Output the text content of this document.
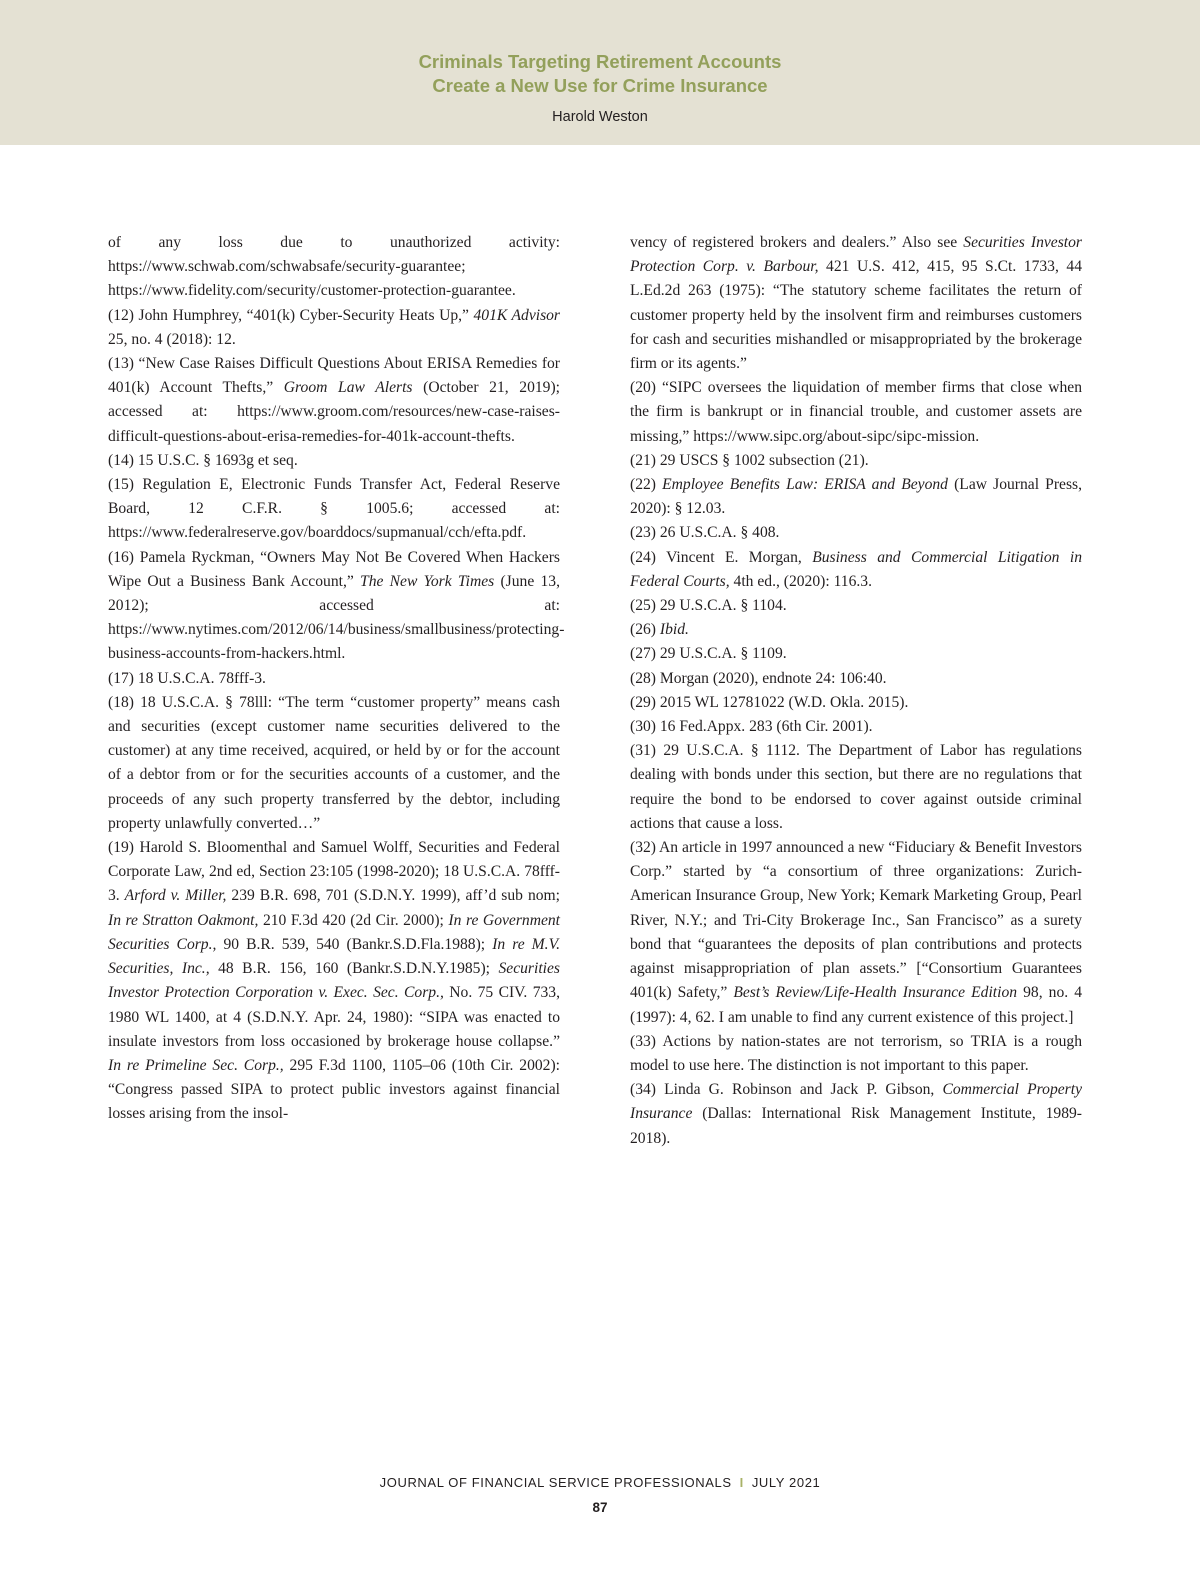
Criminals Targeting Retirement Accounts
Create a New Use for Crime Insurance
Harold Weston
of any loss due to unauthorized activity: https://www.schwab.com/schwabsafe/security-guarantee; https://www.fidelity.com/security/customer-protection-guarantee.
(12) John Humphrey, “401(k) Cyber-Security Heats Up,” 401K Advisor 25, no. 4 (2018): 12.
(13) “New Case Raises Difficult Questions About ERISA Remedies for 401(k) Account Thefts,” Groom Law Alerts (October 21, 2019); accessed at: https://www.groom.com/resources/new-case-raises-difficult-questions-about-erisa-remedies-for-401k-account-thefts.
(14) 15 U.S.C. § 1693g et seq.
(15) Regulation E, Electronic Funds Transfer Act, Federal Reserve Board, 12 C.F.R. § 1005.6; accessed at: https://www.federalreserve.gov/boarddocs/supmanual/cch/efta.pdf.
(16) Pamela Ryckman, “Owners May Not Be Covered When Hackers Wipe Out a Business Bank Account,” The New York Times (June 13, 2012); accessed at: https://www.nytimes.com/2012/06/14/business/smallbusiness/protecting-business-accounts-from-hackers.html.
(17) 18 U.S.C.A. 78fff-3.
(18) 18 U.S.C.A. § 78lll: “The term “customer property” means cash and securities (except customer name securities delivered to the customer) at any time received, acquired, or held by or for the account of a debtor from or for the securities accounts of a customer, and the proceeds of any such property transferred by the debtor, including property unlawfully converted…”
(19) Harold S. Bloomenthal and Samuel Wolff, Securities and Federal Corporate Law, 2nd ed, Section 23:105 (1998-2020); 18 U.S.C.A. 78fff-3. Arford v. Miller, 239 B.R. 698, 701 (S.D.N.Y. 1999), aff’d sub nom; In re Stratton Oakmont, 210 F.3d 420 (2d Cir. 2000); In re Government Securities Corp., 90 B.R. 539, 540 (Bankr.S.D.Fla.1988); In re M.V. Securities, Inc., 48 B.R. 156, 160 (Bankr.S.D.N.Y.1985); Securities Investor Protection Corporation v. Exec. Sec. Corp., No. 75 CIV. 733, 1980 WL 1400, at 4 (S.D.N.Y. Apr. 24, 1980): “SIPA was enacted to insulate investors from loss occasioned by brokerage house collapse.” In re Primeline Sec. Corp., 295 F.3d 1100, 1105–06 (10th Cir. 2002): “Congress passed SIPA to protect public investors against financial losses arising from the insol-
vency of registered brokers and dealers.” Also see Securities Investor Protection Corp. v. Barbour, 421 U.S. 412, 415, 95 S.Ct. 1733, 44 L.Ed.2d 263 (1975): “The statutory scheme facilitates the return of customer property held by the insolvent firm and reimburses customers for cash and securities mishandled or misappropriated by the brokerage firm or its agents.”
(20) “SIPC oversees the liquidation of member firms that close when the firm is bankrupt or in financial trouble, and customer assets are missing,” https://www.sipc.org/about-sipc/sipc-mission.
(21) 29 USCS § 1002 subsection (21).
(22) Employee Benefits Law: ERISA and Beyond (Law Journal Press, 2020): § 12.03.
(23) 26 U.S.C.A. § 408.
(24) Vincent E. Morgan, Business and Commercial Litigation in Federal Courts, 4th ed., (2020): 116.3.
(25) 29 U.S.C.A. § 1104.
(26) Ibid.
(27) 29 U.S.C.A. § 1109.
(28) Morgan (2020), endnote 24: 106:40.
(29) 2015 WL 12781022 (W.D. Okla. 2015).
(30) 16 Fed.Appx. 283 (6th Cir. 2001).
(31) 29 U.S.C.A. § 1112. The Department of Labor has regulations dealing with bonds under this section, but there are no regulations that require the bond to be endorsed to cover against outside criminal actions that cause a loss.
(32) An article in 1997 announced a new “Fiduciary & Benefit Investors Corp.” started by “a consortium of three organizations: Zurich-American Insurance Group, New York; Kemark Marketing Group, Pearl River, N.Y.; and Tri-City Brokerage Inc., San Francisco” as a surety bond that “guarantees the deposits of plan contributions and protects against misappropriation of plan assets.” [“Consortium Guarantees 401(k) Safety,” Best’s Review/Life-Health Insurance Edition 98, no. 4 (1997): 4, 62. I am unable to find any current existence of this project.]
(33) Actions by nation-states are not terrorism, so TRIA is a rough model to use here. The distinction is not important to this paper.
(34) Linda G. Robinson and Jack P. Gibson, Commercial Property Insurance (Dallas: International Risk Management Institute, 1989-2018).
JOURNAL OF FINANCIAL SERVICE PROFESSIONALS I JULY 2021
87
